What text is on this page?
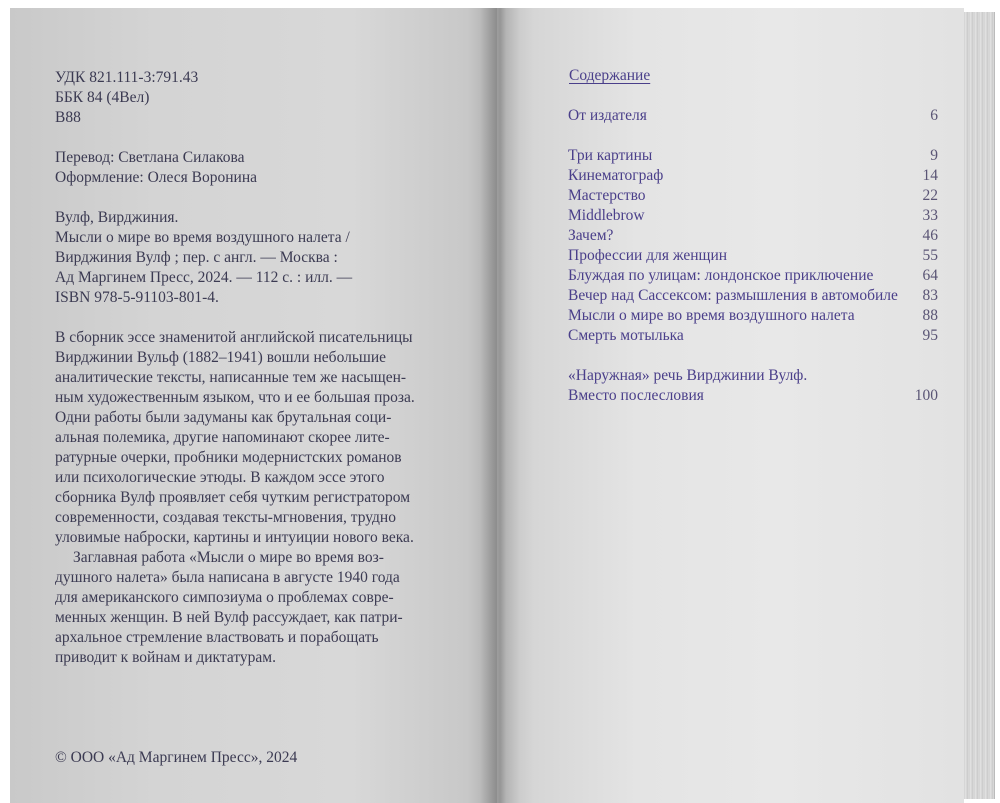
УДК 821.111-3:791.43
ББК 84 (4Вел)
В88
Перевод: Светлана Силакова
Оформление: Олеся Воронина
Вулф, Вирджиния.
Мысли о мире во время воздушного налета /
Вирджиния Вулф ; пер. с англ. — Москва :
Ад Маргинем Пресс, 2024. — 112 с. : илл. —
ISBN 978-5-91103-801-4.
В сборник эссе знаменитой английской писательницы
Вирджинии Вульф (1882–1941) вошли небольшие
аналитические тексты, написанные тем же насыщен-
ным художественным языком, что и ее большая проза.
Одни работы были задуманы как брутальная соци-
альная полемика, другие напоминают скорее лите-
ратурные очерки, пробники модернистских романов
или психологические этюды. В каждом эссе этого
сборника Вулф проявляет себя чутким регистратором
современности, создавая тексты-мгновения, трудно
уловимые наброски, картины и интуиции нового века.
Заглавная работа «Мысли о мире во время воз-
душного налета» была написана в августе 1940 года
для американского симпозиума о проблемах совре-
менных женщин. В ней Вулф рассуждает, как патри-
архальное стремление властвовать и порабощать
приводит к войнам и диктатурам.
© ООО «Ад Маргинем Пресс», 2024
Содержание
От издателя	6
Три картины	9
Кинематограф	14
Мастерство	22
Middlebrow	33
Зачем?	46
Профессии для женщин	55
Блуждая по улицам: лондонское приключение	64
Вечер над Сассексом: размышления в автомобиле 83
Мысли о мире во время воздушного налета	88
Смерть мотылька	95
«Наружная» речь Вирджинии Вулф.
Вместо послесловия	100
